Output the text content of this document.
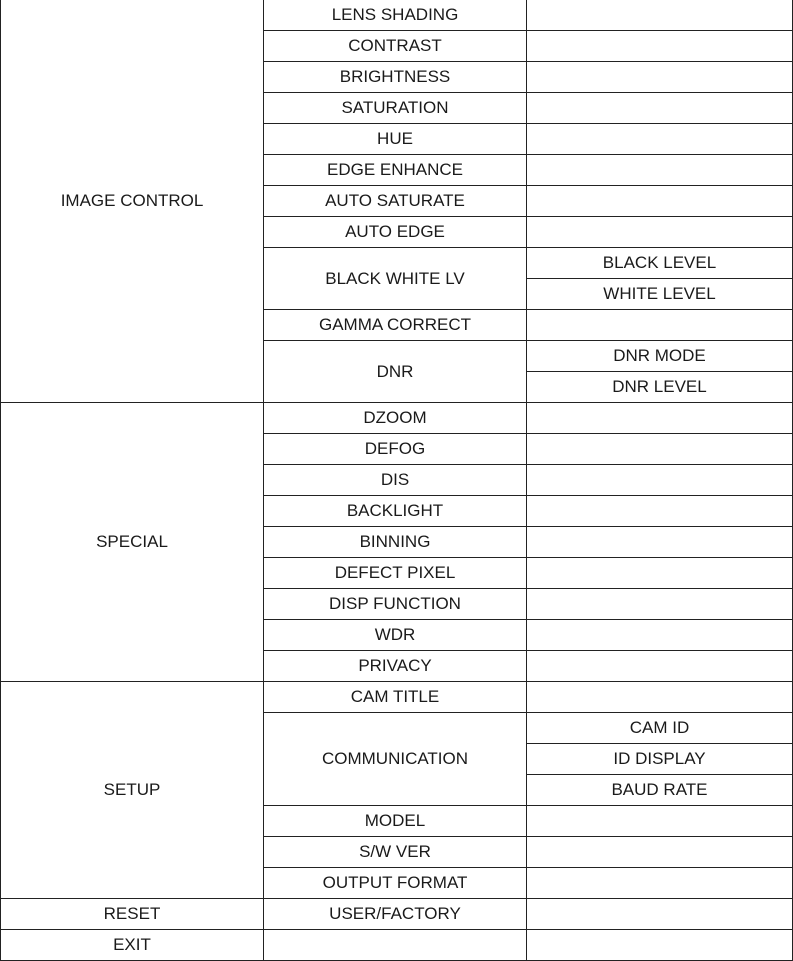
IMAGE CONTROL	LENS SHADING	
	CONTRAST	
	BRIGHTNESS	
	SATURATION	
	HUE	
	EDGE ENHANCE	
	AUTO SATURATE	
	AUTO EDGE	
	BLACK WHITE LV	BLACK LEVEL
		WHITE LEVEL
	GAMMA CORRECT	
	DNR	DNR MODE
		DNR LEVEL
SPECIAL	DZOOM	
	DEFOG	
	DIS	
	BACKLIGHT	
	BINNING	
	DEFECT PIXEL	
	DISP FUNCTION	
	WDR	
	PRIVACY	
SETUP	CAM TITLE	
	COMMUNICATION	CAM ID
		ID DISPLAY
		BAUD RATE
	MODEL	
	S/W VER	
	OUTPUT FORMAT	
RESET	USER/FACTORY	
EXIT		
